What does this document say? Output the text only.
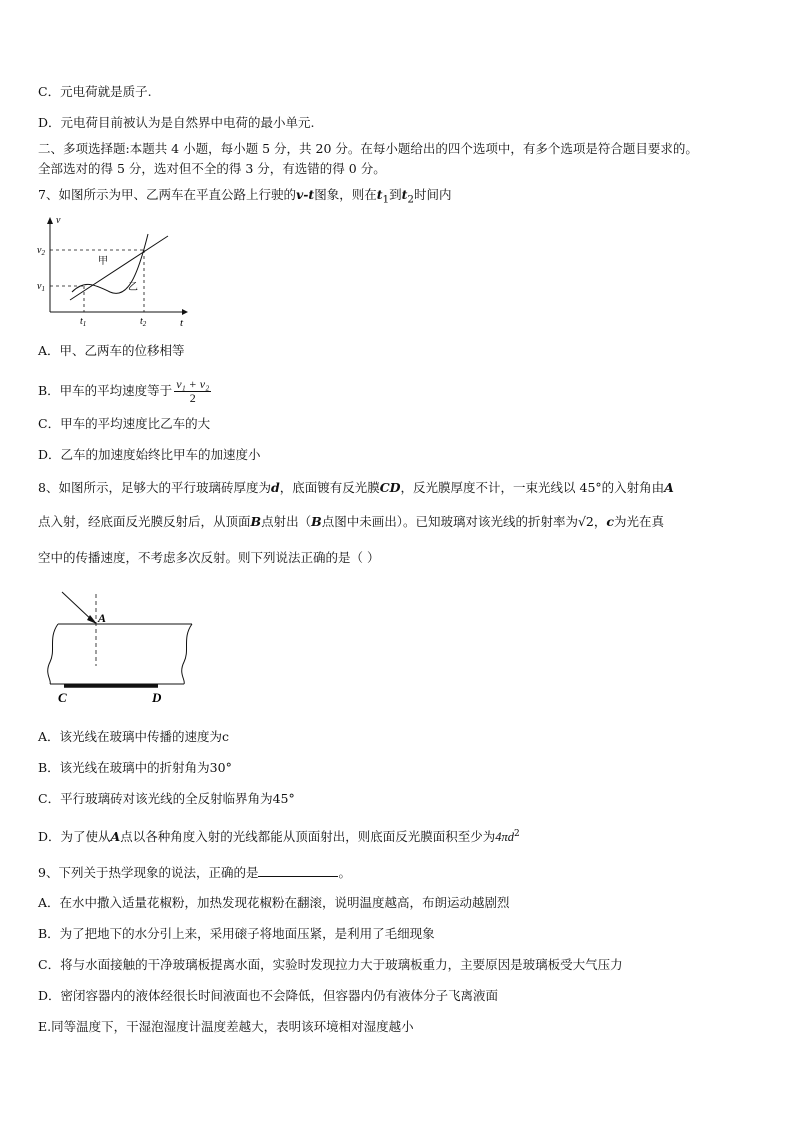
C．元电荷就是质子.
D．元电荷目前被认为是自然界中电荷的最小单元.
二、多项选择题:本题共 4 小题，每小题 5 分，共 20 分。在每小题给出的四个选项中，有多个选项是符合题目要求的。
全部选对的得 5 分，选对但不全的得 3 分，有选错的得 0 分。
7、如图所示为甲、乙两车在平直公路上行驶的v-t图象，则在$t_1$到$t_2$时间内
v
t
$v_2$
$v_1$
$t_1$	$t_2$
甲
乙
A．甲、乙两车的位移相等
B．甲车的平均速度等于 $\frac{\text{v₁ + v₂}}{2}$
C．甲车的平均速度比乙车的大
D．乙车的加速度始终比甲车的加速度小
8、如图所示，足够大的平行玻璃砖厚度为d，底面镀有反光膜CD，反光膜厚度不计，一束光线以 45°的入射角由A
点入射，经底面反光膜反射后，从顶面B点射出（B点图中未画出）。已知玻璃对该光线的折射率为√2，c为光在真
空中的传播速度，不考虑多次反射。则下列说法正确的是（ ）
A
C	D
A．该光线在玻璃中传播的速度为c
B．该光线在玻璃中的折射角为30°
C．平行玻璃砖对该光线的全反射临界角为45°
D．为了使从A点以各种角度入射的光线都能从顶面射出，则底面反光膜面积至少为$4\pi d^2$
9、下列关于热学现象的说法，正确的是	。
A．在水中撒入适量花椒粉，加热发现花椒粉在翻滚，说明温度越高，布朗运动越剧烈
B．为了把地下的水分引上来，采用磙子将地面压紧，是利用了毛细现象
C．将与水面接触的干净玻璃板提离水面，实验时发现拉力大于玻璃板重力，主要原因是玻璃板受大气压力
D．密闭容器内的液体经很长时间液面也不会降低，但容器内仍有液体分子飞离液面
E.同等温度下，干湿泡湿度计温度差越大，表明该环境相对湿度越小
